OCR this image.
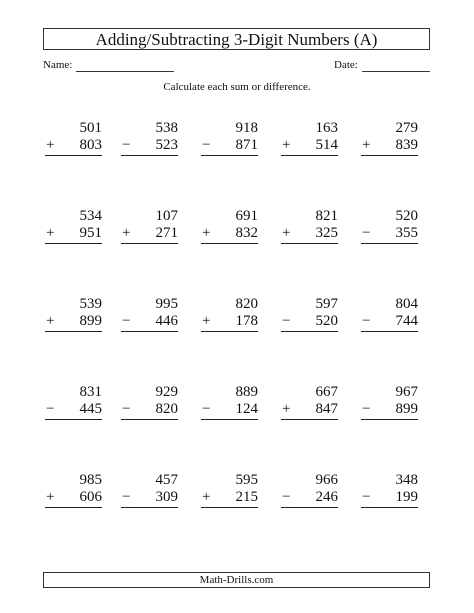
Adding/Subtracting 3-Digit Numbers (A)
Name:	Date:
Calculate each sum or difference.
501
+ 803
538
− 523
918
− 871
163
+ 514
279
+ 839
534
+ 951
107
+ 271
691
+ 832
821
+ 325
520
− 355
539
+ 899
995
− 446
820
+ 178
597
− 520
804
− 744
831
− 445
929
− 820
889
− 124
667
+ 847
967
− 899
985
+ 606
457
− 309
595
+ 215
966
− 246
348
− 199
Math-Drills.com
